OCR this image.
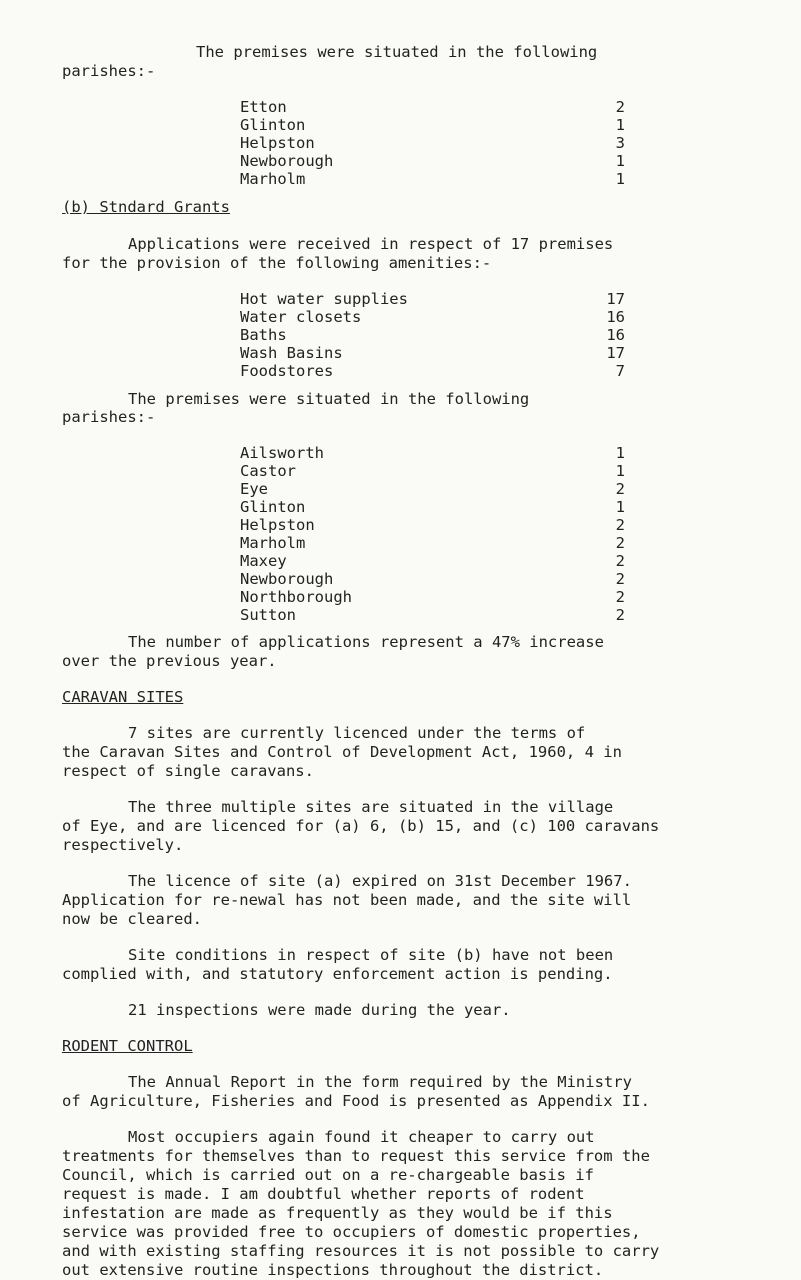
The premises were situated in the following
parishes:-
Etton	2
Glinton	1
Helpston	3
Newborough	1
Marholm	1
(b) Stndard Grants
Applications were received in respect of 17 premises
for the provision of the following amenities:-
Hot water supplies	17
Water closets	16
Baths	16
Wash Basins	17
Foodstores	7
The premises were situated in the following
parishes:-
Ailsworth	1
Castor	1
Eye	2
Glinton	1
Helpston	2
Marholm	2
Maxey	2
Newborough	2
Northborough	2
Sutton	2
The number of applications represent a 47% increase
over the previous year.
CARAVAN SITES
7 sites are currently licenced under the terms of
the Caravan Sites and Control of Development Act, 1960, 4 in
respect of single caravans.
The three multiple sites are situated in the village
of Eye, and are licenced for (a) 6, (b) 15, and (c) 100 caravans
respectively.
The licence of site (a) expired on 31st December 1967.
Application for re-newal has not been made, and the site will
now be cleared.
Site conditions in respect of site (b) have not been
complied with, and statutory enforcement action is pending.
21 inspections were made during the year.
RODENT CONTROL
The Annual Report in the form required by the Ministry
of Agriculture, Fisheries and Food is presented as Appendix II.
Most occupiers again found it cheaper to carry out
treatments for themselves than to request this service from the
Council, which is carried out on a re-chargeable basis if
request is made. I am doubtful whether reports of rodent
infestation are made as frequently as they would be if this
service was provided free to occupiers of domestic properties,
and with existing staffing resources it is not possible to carry
out extensive routine inspections throughout the district.
